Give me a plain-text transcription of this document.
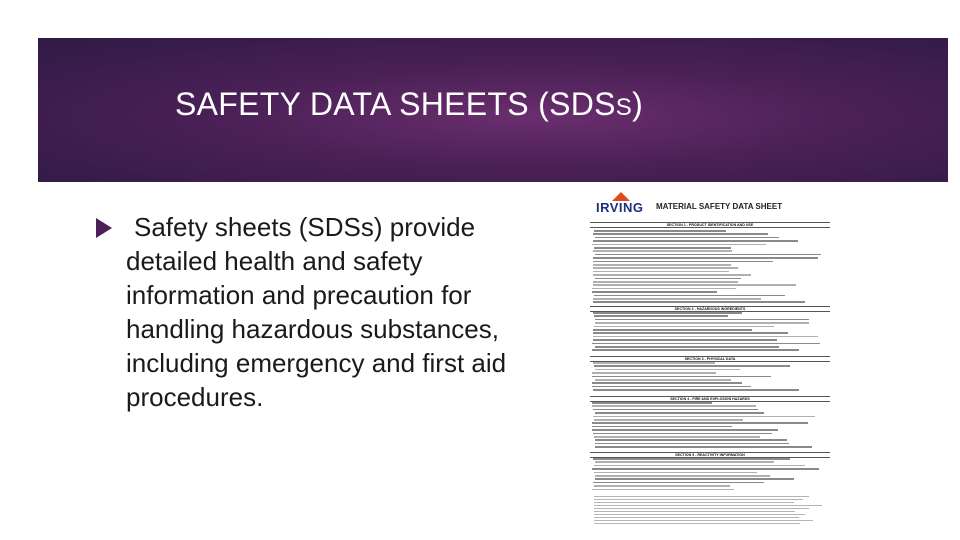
SAFETY DATA SHEETS (SDSS)
Safety sheets (SDSs) provide detailed health and safety information and precaution for handling hazardous substances, including emergency and first aid procedures.
IRVING MATERIAL SAFETY DATA SHEET
SECTION 1 - PRODUCT IDENTIFICATION AND USE
SECTION 2 - HAZARDOUS INGREDIENTS
SECTION 3 - PHYSICAL DATA
SECTION 4 - FIRE AND EXPLOSION HAZARDS
SECTION 5 - REACTIVITY INFORMATION
